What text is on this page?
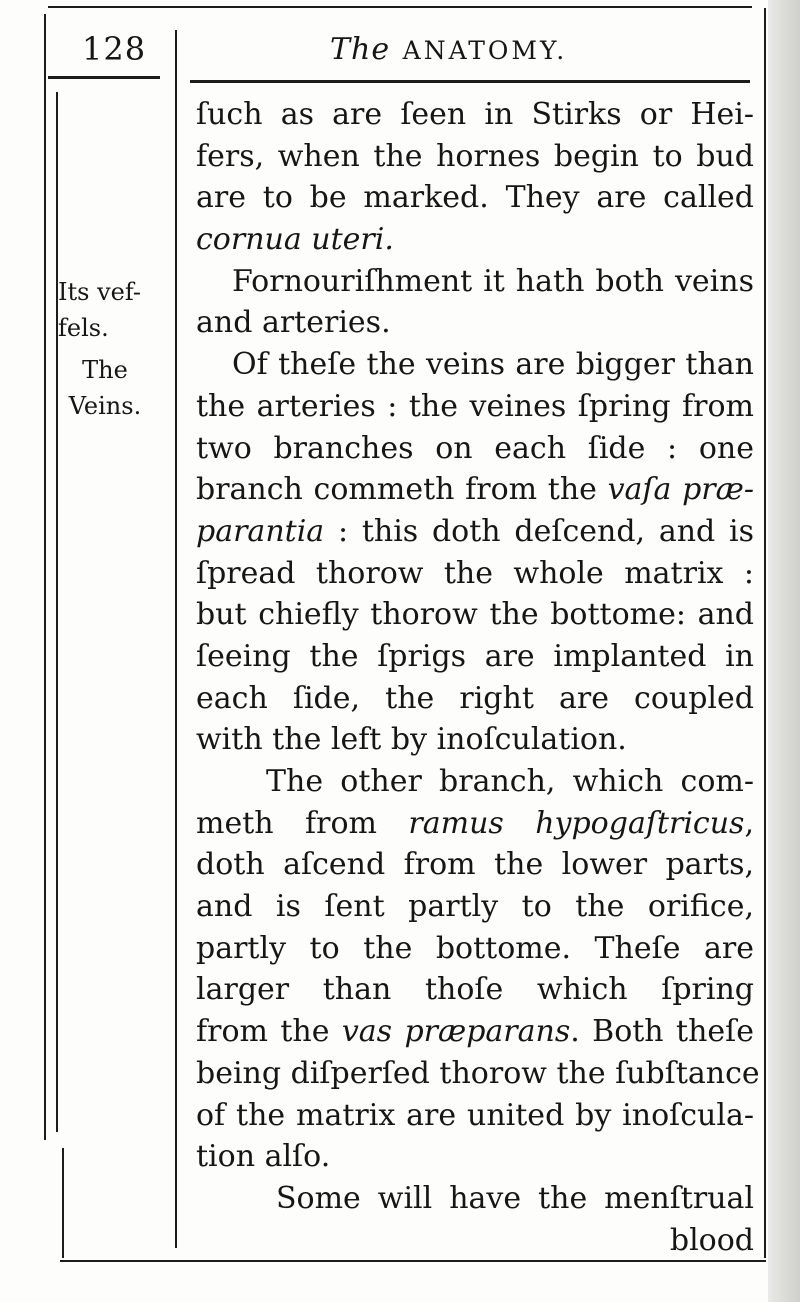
128	The ANATOMY.
Its vef-
fels.
The
Veins.
ſuch as are ſeen in Stirks or Hei-
fers, when the hornes begin to bud
are to be marked. They are called
cornua uteri.
Fornouriſhment it hath both veins
and arteries.
Of theſe the veins are bigger than
the arteries : the veines ſpring from
two branches on each ſide : one
branch commeth from the vaſa præ-
parantia : this doth deſcend, and is
ſpread thorow the whole matrix :
but chiefly thorow the bottome: and
ſeeing the ſprigs are implanted in
each ſide, the right are coupled
with the left by inoſculation.
The other branch, which com-
meth from ramus hypogaſtricus,
doth aſcend from the lower parts,
and is ſent partly to the orifice,
partly to the bottome. Theſe are
larger than thoſe which ſpring
from the vas præparans. Both theſe
being diſperſed thorow the ſubſtance
of the matrix are united by inoſcula-
tion alſo.
Some will have the menſtrual
blood
